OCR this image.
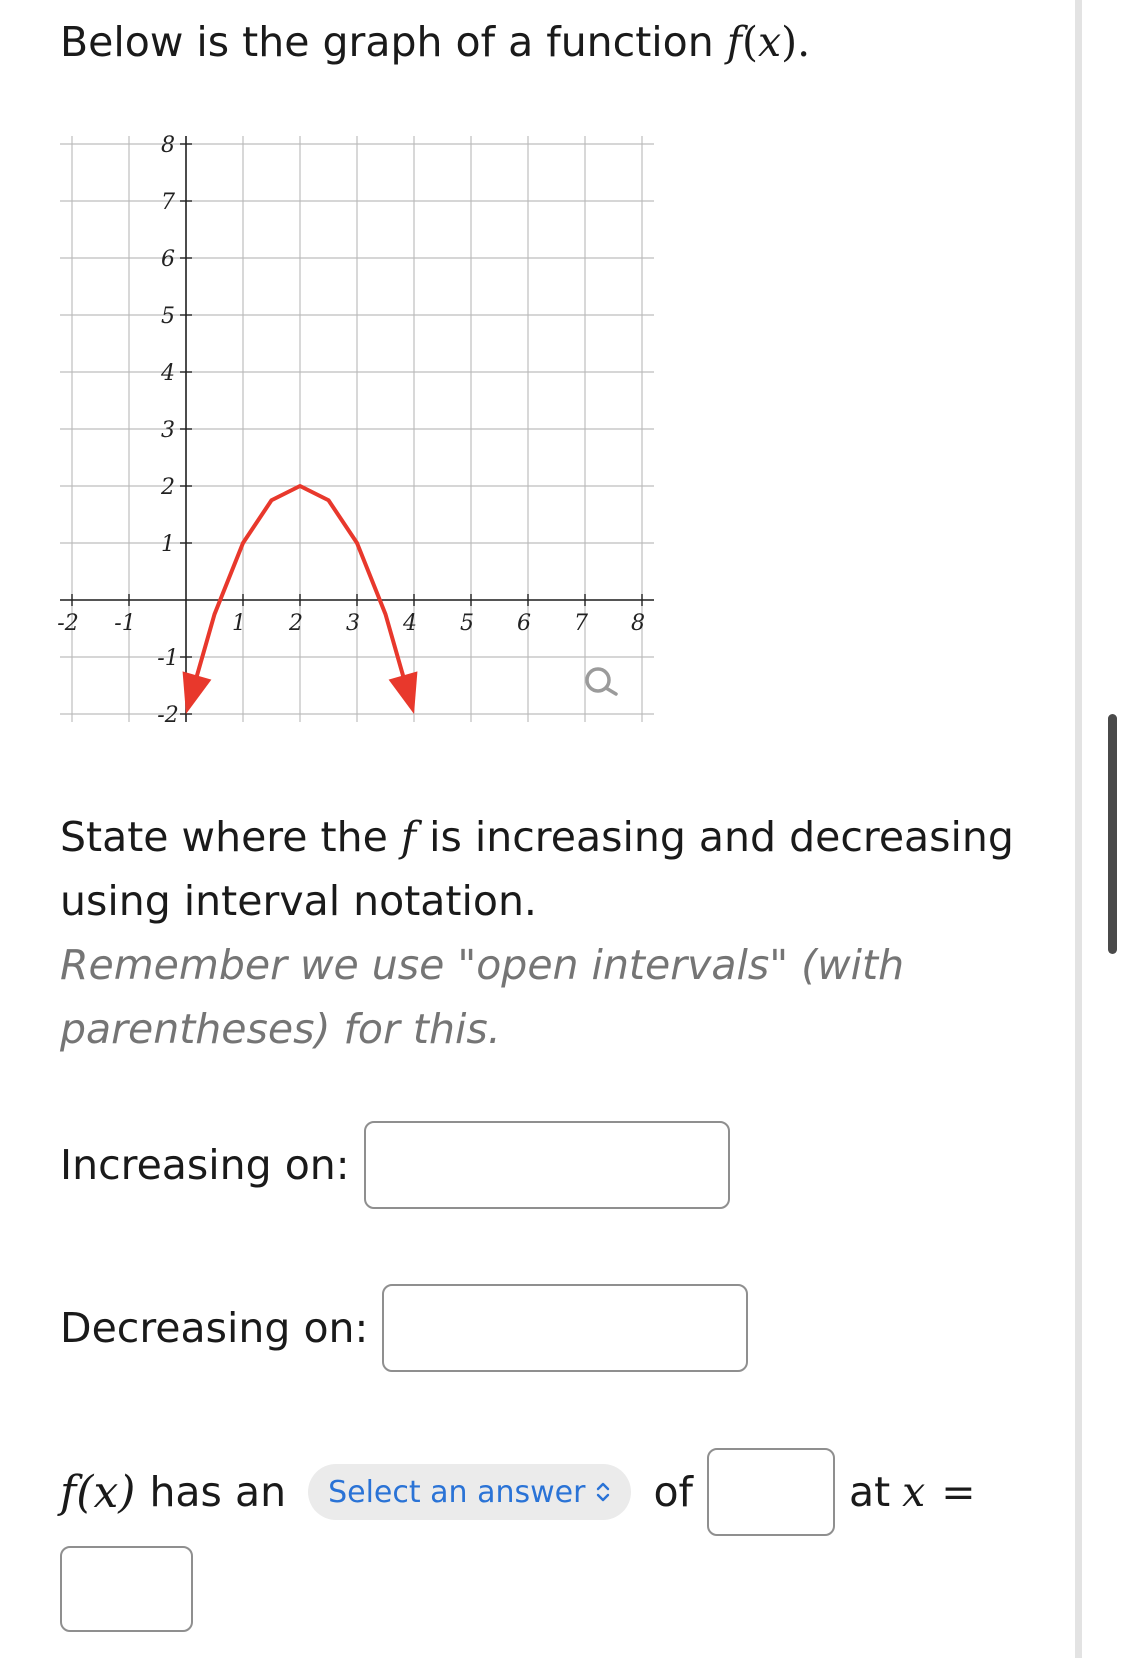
Below is the graph of a function f(x).
-2 -1	1 2 3 4 5 6 7 8
8
7
6
5
4
3
2
1
-1
-2
State where the f is increasing and decreasing using interval notation.
Remember we use "open intervals" (with parentheses) for this.
Increasing on:
Decreasing on:
f(x) has an Select an answer of	at x =
